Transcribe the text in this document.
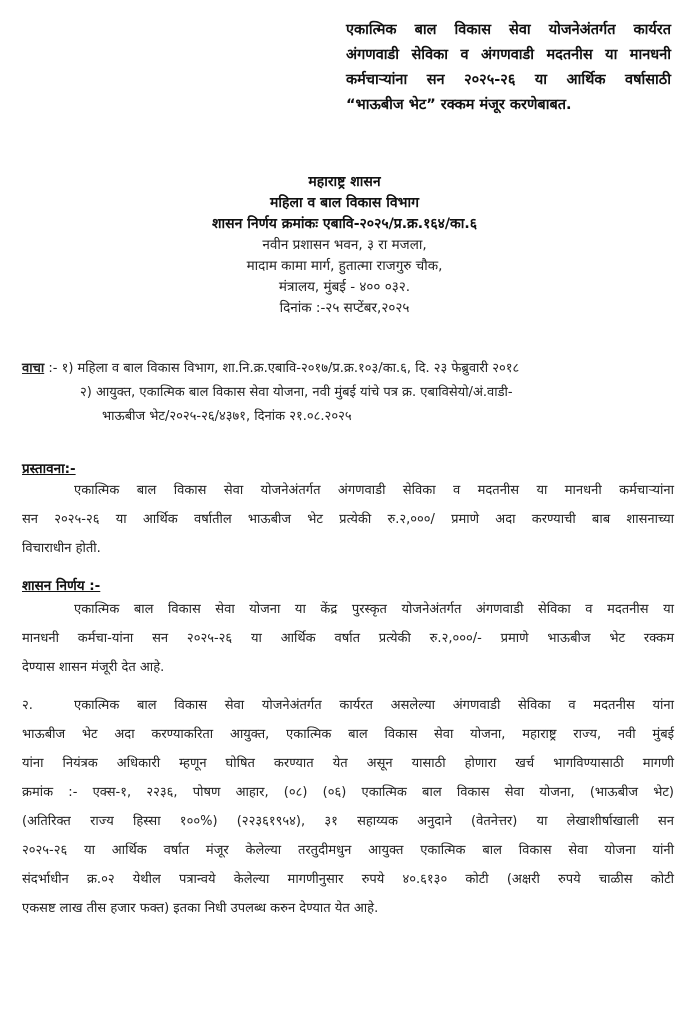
एकात्मिक बाल विकास सेवा योजनेअंतर्गत कार्यरत
अंगणवाडी सेविका व अंगणवाडी मदतनीस या मानधनी
कर्मचाऱ्यांना सन २०२५-२६ या आर्थिक वर्षासाठी
“भाऊबीज भेट” रक्कम मंजूर करणेबाबत.
महाराष्ट्र शासन
महिला व बाल विकास विभाग
शासन निर्णय क्रमांकः एबावि-२०२५/प्र.क्र.१६४/का.६
नवीन प्रशासन भवन, ३ रा मजला,
मादाम कामा मार्ग, हुतात्मा राजगुरु चौक,
मंत्रालय, मुंबई - ४०० ०३२.
दिनांक :-२५ सप्टेंबर,२०२५
वाचा :- १) महिला व बाल विकास विभाग, शा.नि.क्र.एबावि-२०१७/प्र.क्र.१०३/का.६, दि. २३ फेब्रुवारी २०१८
२) आयुक्त, एकात्मिक बाल विकास सेवा योजना, नवी मुंबई यांचे पत्र क्र. एबाविसेयो/अं.वाडी-
भाऊबीज भेट/२०२५-२६/४३७१, दिनांक २१.०८.२०२५
प्रस्तावना:-
एकात्मिक बाल विकास सेवा योजनेअंतर्गत अंगणवाडी सेविका व मदतनीस या मानधनी कर्मचाऱ्यांना
सन २०२५-२६ या आर्थिक वर्षातील भाऊबीज भेट प्रत्येकी रु.२,०००/ प्रमाणे अदा करण्याची बाब शासनाच्या
विचाराधीन होती.
शासन निर्णय :-
एकात्मिक बाल विकास सेवा योजना या केंद्र पुरस्कृत योजनेअंतर्गत अंगणवाडी सेविका व मदतनीस या
मानधनी कर्मचा-यांना सन २०२५-२६ या आर्थिक वर्षात प्रत्येकी रु.२,०००/- प्रमाणे भाऊबीज भेट रक्कम
देण्यास शासन मंजूरी देत आहे.
२.	एकात्मिक बाल विकास सेवा योजनेअंतर्गत कार्यरत असलेल्या अंगणवाडी सेविका व मदतनीस यांना
भाऊबीज भेट अदा करण्याकरिता आयुक्त, एकात्मिक बाल विकास सेवा योजना, महाराष्ट्र राज्य, नवी मुंबई
यांना नियंत्रक अधिकारी म्हणून घोषित करण्यात येत असून यासाठी होणारा खर्च भागविण्यासाठी मागणी
क्रमांक :- एक्स-१, २२३६, पोषण आहार, (०८) (०६) एकात्मिक बाल विकास सेवा योजना, (भाऊबीज भेट)
(अतिरिक्त राज्य हिस्सा १००%) (२२३६१९५४), ३१ सहाय्यक अनुदाने (वेतनेत्तर) या लेखाशीर्षाखाली सन
२०२५-२६ या आर्थिक वर्षात मंजूर केलेल्या तरतुदीमधुन आयुक्त एकात्मिक बाल विकास सेवा योजना यांनी
संदर्भाधीन क्र.०२ येथील पत्रान्वये केलेल्या मागणीनुसार रुपये ४०.६१३० कोटी (अक्षरी रुपये चाळीस कोटी
एकसष्ट लाख तीस हजार फक्त) इतका निधी उपलब्ध करुन देण्यात येत आहे.
